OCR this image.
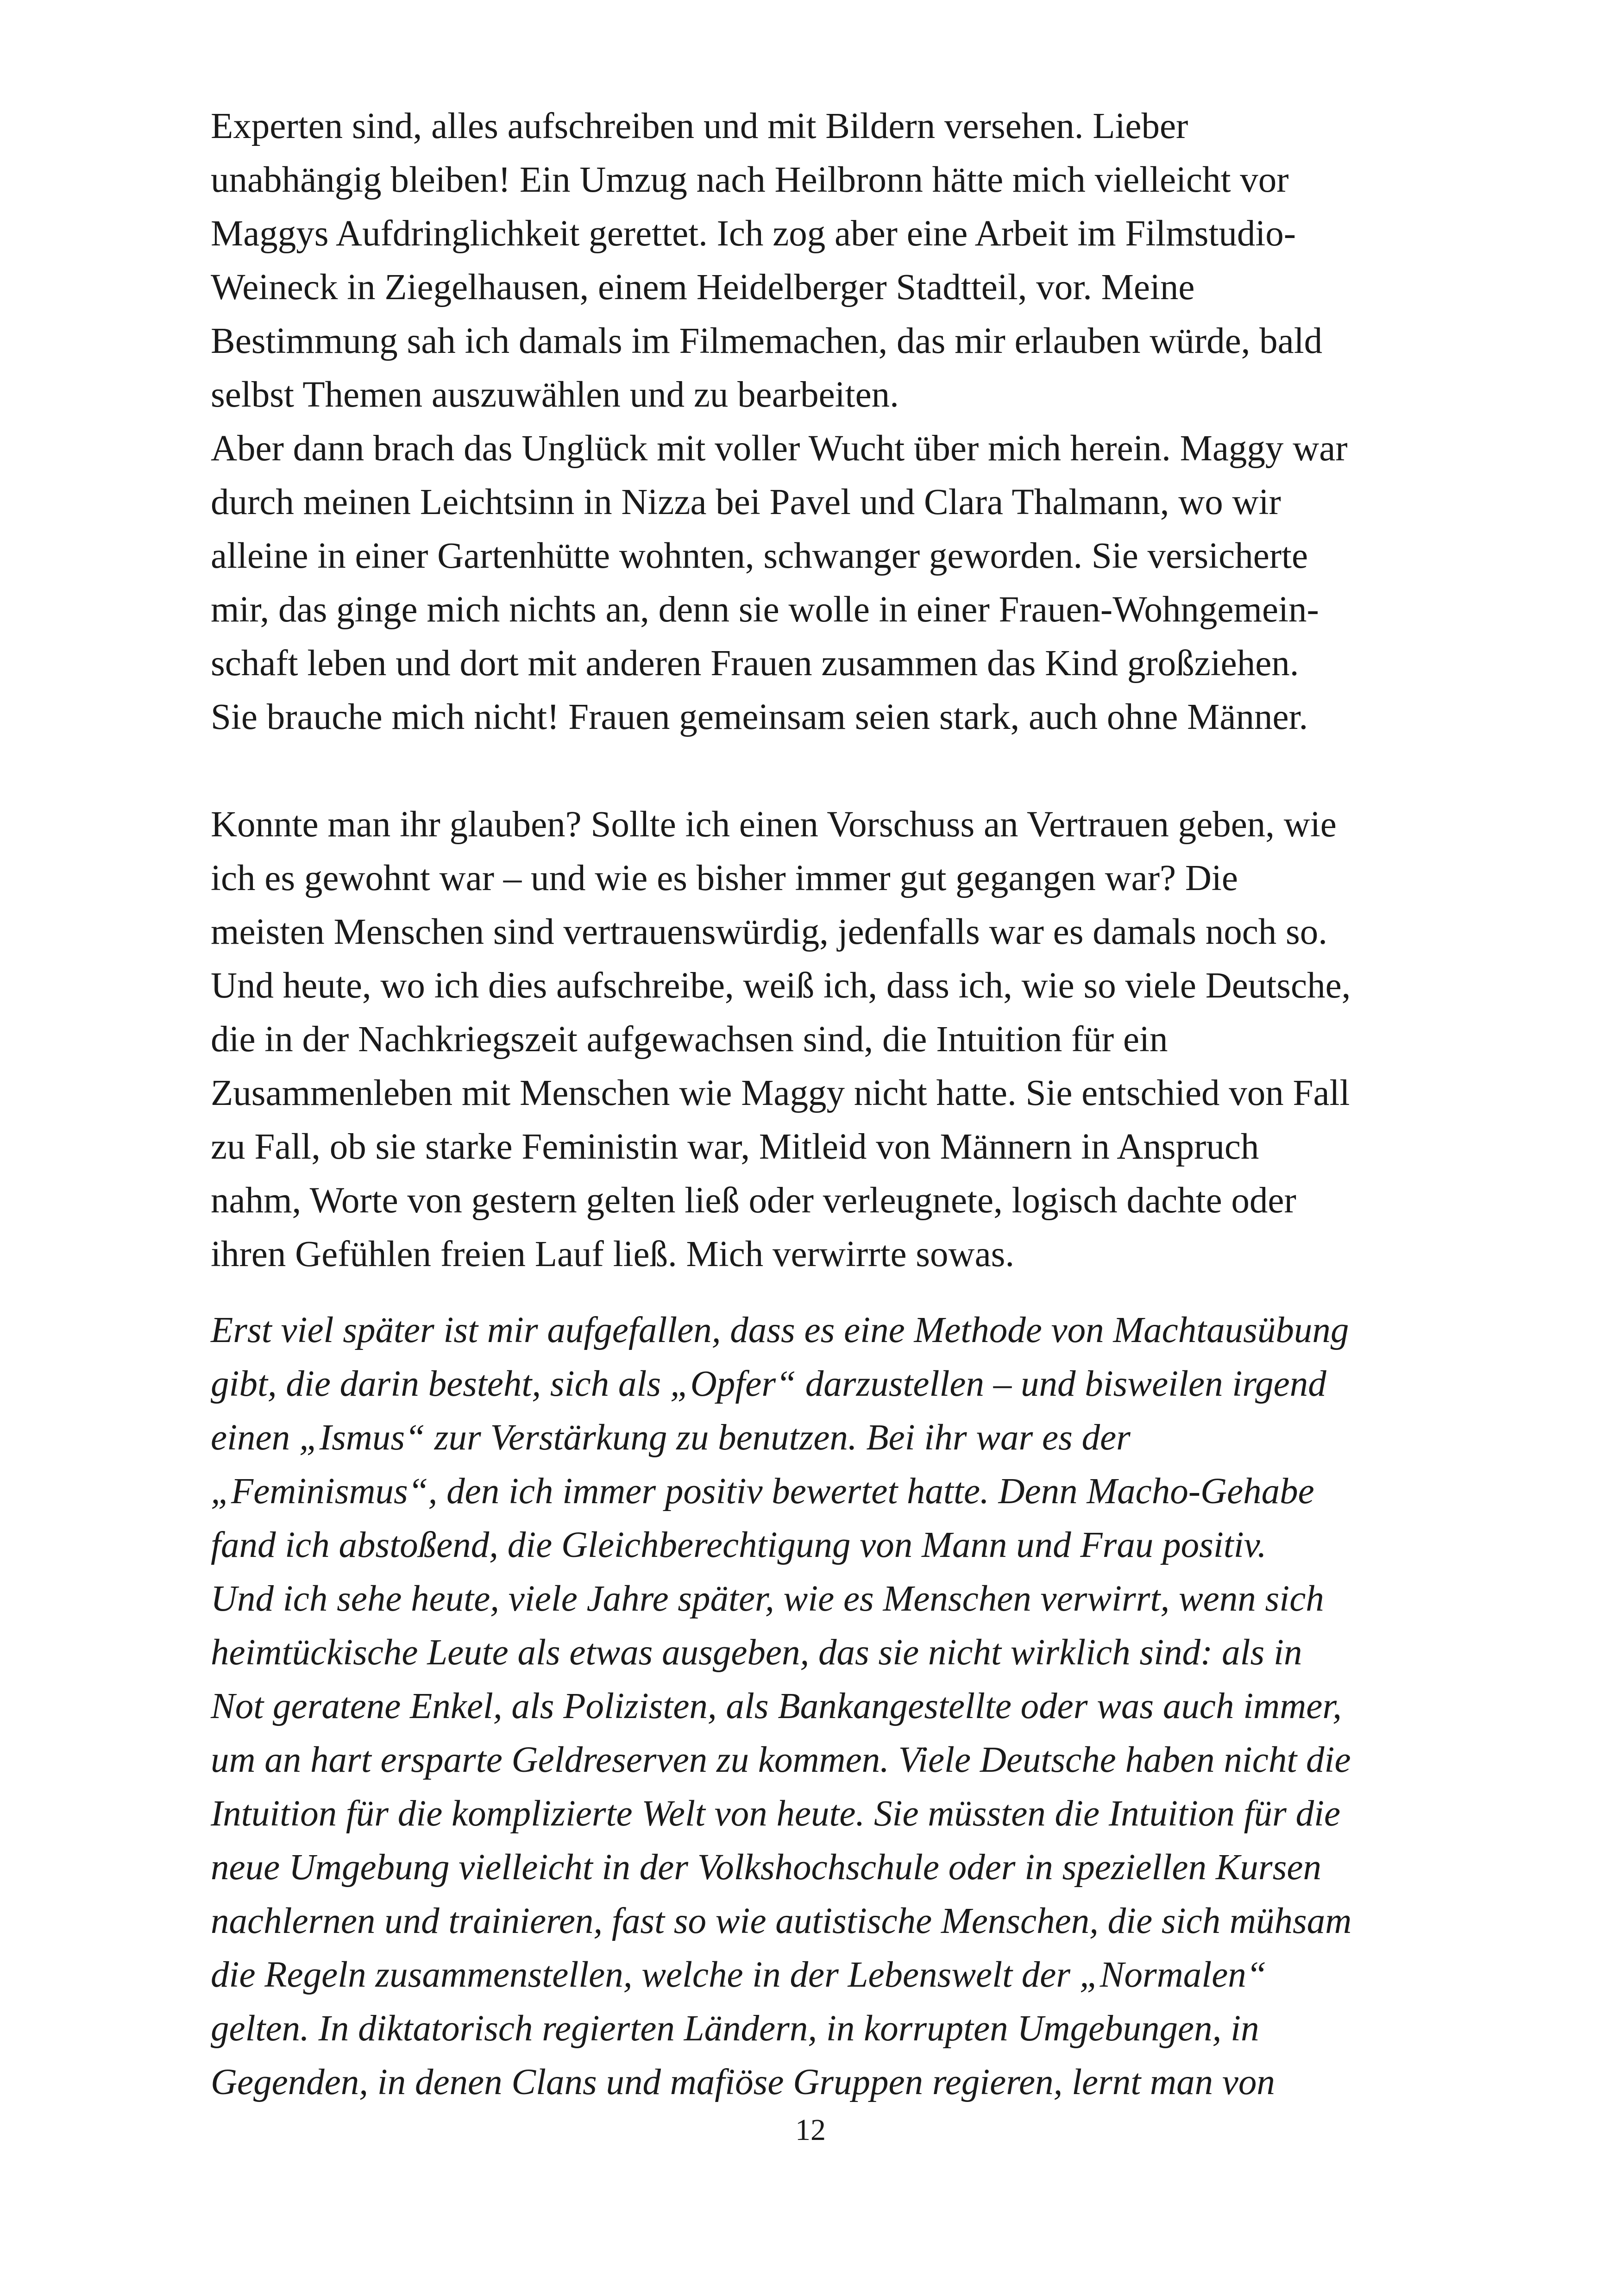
Experten sind, alles aufschreiben und mit Bildern versehen. Lieber
unabhängig bleiben! Ein Umzug nach Heilbronn hätte mich vielleicht vor
Maggys Aufdringlichkeit gerettet. Ich zog aber eine Arbeit im Filmstudio-
Weineck in Ziegelhausen, einem Heidelberger Stadtteil, vor. Meine
Bestimmung sah ich damals im Filmemachen, das mir erlauben würde, bald
selbst Themen auszuwählen und zu bearbeiten.
Aber dann brach das Unglück mit voller Wucht über mich herein. Maggy war
durch meinen Leichtsinn in Nizza bei Pavel und Clara Thalmann, wo wir
alleine in einer Gartenhütte wohnten, schwanger geworden. Sie versicherte
mir, das ginge mich nichts an, denn sie wolle in einer Frauen-Wohngemein-
schaft leben und dort mit anderen Frauen zusammen das Kind großziehen.
Sie brauche mich nicht! Frauen gemeinsam seien stark, auch ohne Männer.
Konnte man ihr glauben? Sollte ich einen Vorschuss an Vertrauen geben, wie
ich es gewohnt war – und wie es bisher immer gut gegangen war? Die
meisten Menschen sind vertrauenswürdig, jedenfalls war es damals noch so.
Und heute, wo ich dies aufschreibe, weiß ich, dass ich, wie so viele Deutsche,
die in der Nachkriegszeit aufgewachsen sind, die Intuition für ein
Zusammenleben mit Menschen wie Maggy nicht hatte. Sie entschied von Fall
zu Fall, ob sie starke Feministin war, Mitleid von Männern in Anspruch
nahm, Worte von gestern gelten ließ oder verleugnete, logisch dachte oder
ihren Gefühlen freien Lauf ließ. Mich verwirrte sowas.
Erst viel später ist mir aufgefallen, dass es eine Methode von Machtausübung
gibt, die darin besteht, sich als „Opfer“ darzustellen – und bisweilen irgend
einen „Ismus“ zur Verstärkung zu benutzen. Bei ihr war es der
„Feminismus“, den ich immer positiv bewertet hatte. Denn Macho-Gehabe
fand ich abstoßend, die Gleichberechtigung von Mann und Frau positiv.
Und ich sehe heute, viele Jahre später, wie es Menschen verwirrt, wenn sich
heimtückische Leute als etwas ausgeben, das sie nicht wirklich sind: als in
Not geratene Enkel, als Polizisten, als Bankangestellte oder was auch immer,
um an hart ersparte Geldreserven zu kommen. Viele Deutsche haben nicht die
Intuition für die komplizierte Welt von heute. Sie müssten die Intuition für die
neue Umgebung vielleicht in der Volkshochschule oder in speziellen Kursen
nachlernen und trainieren, fast so wie autistische Menschen, die sich mühsam
die Regeln zusammenstellen, welche in der Lebenswelt der „Normalen“
gelten. In diktatorisch regierten Ländern, in korrupten Umgebungen, in
Gegenden, in denen Clans und mafiöse Gruppen regieren, lernt man von
12
